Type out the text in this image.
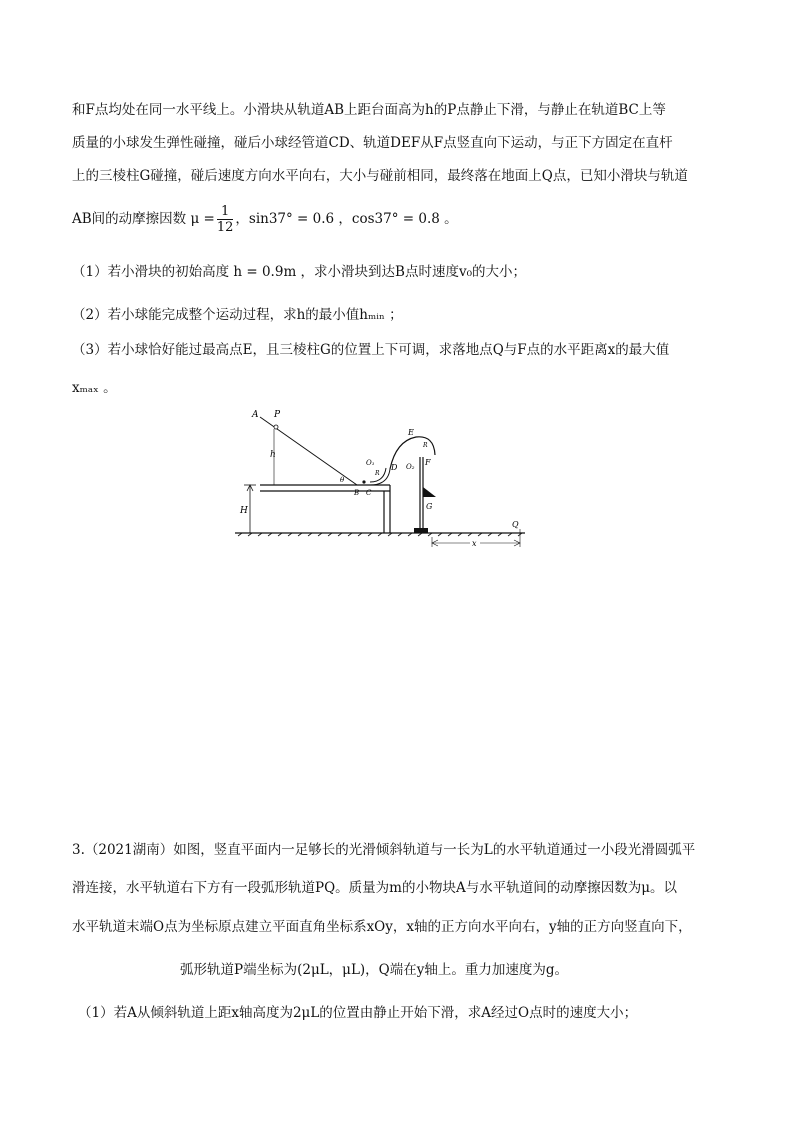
和F点均处在同一水平线上。小滑块从轨道AB上距台面高为h的P点静止下滑，与静止在轨道BC上等
质量的小球发生弹性碰撞，碰后小球经管道CD、轨道DEF从F点竖直向下运动，与正下方固定在直杆
上的三棱柱G碰撞，碰后速度方向水平向右，大小与碰前相同，最终落在地面上Q点，已知小滑块与轨道
AB间的动摩擦因数 $\mu = \frac{1}{12}$ ，sin37° = 0.6 ，cos37° = 0.8 。
（1）若小滑块的初始高度 h = 0.9m ，求小滑块到达B点时速度v₀的大小；
（2）若小球能完成整个运动过程，求h的最小值hₘᵢₙ ；
（3）若小球恰好能过最高点E，且三棱柱G的位置上下可调，求落地点Q与F点的水平距离x的最大值
xₘₐₓ 。
H
A P
h
θ
B C
O₁
R
D
E
R
O₂ F
G
Q
x
3.（2021湖南）如图，竖直平面内一足够长的光滑倾斜轨道与一长为L的水平轨道通过一小段光滑圆弧平
滑连接，水平轨道右下方有一段弧形轨道PQ。质量为m的小物块A与水平轨道间的动摩擦因数为μ。以
水平轨道末端O点为坐标原点建立平面直角坐标系xOy，x轴的正方向水平向右，y轴的正方向竖直向下，
弧形轨道P端坐标为(2μL，μL)，Q端在y轴上。重力加速度为g。
（1）若A从倾斜轨道上距x轴高度为2μL的位置由静止开始下滑，求A经过O点时的速度大小；
